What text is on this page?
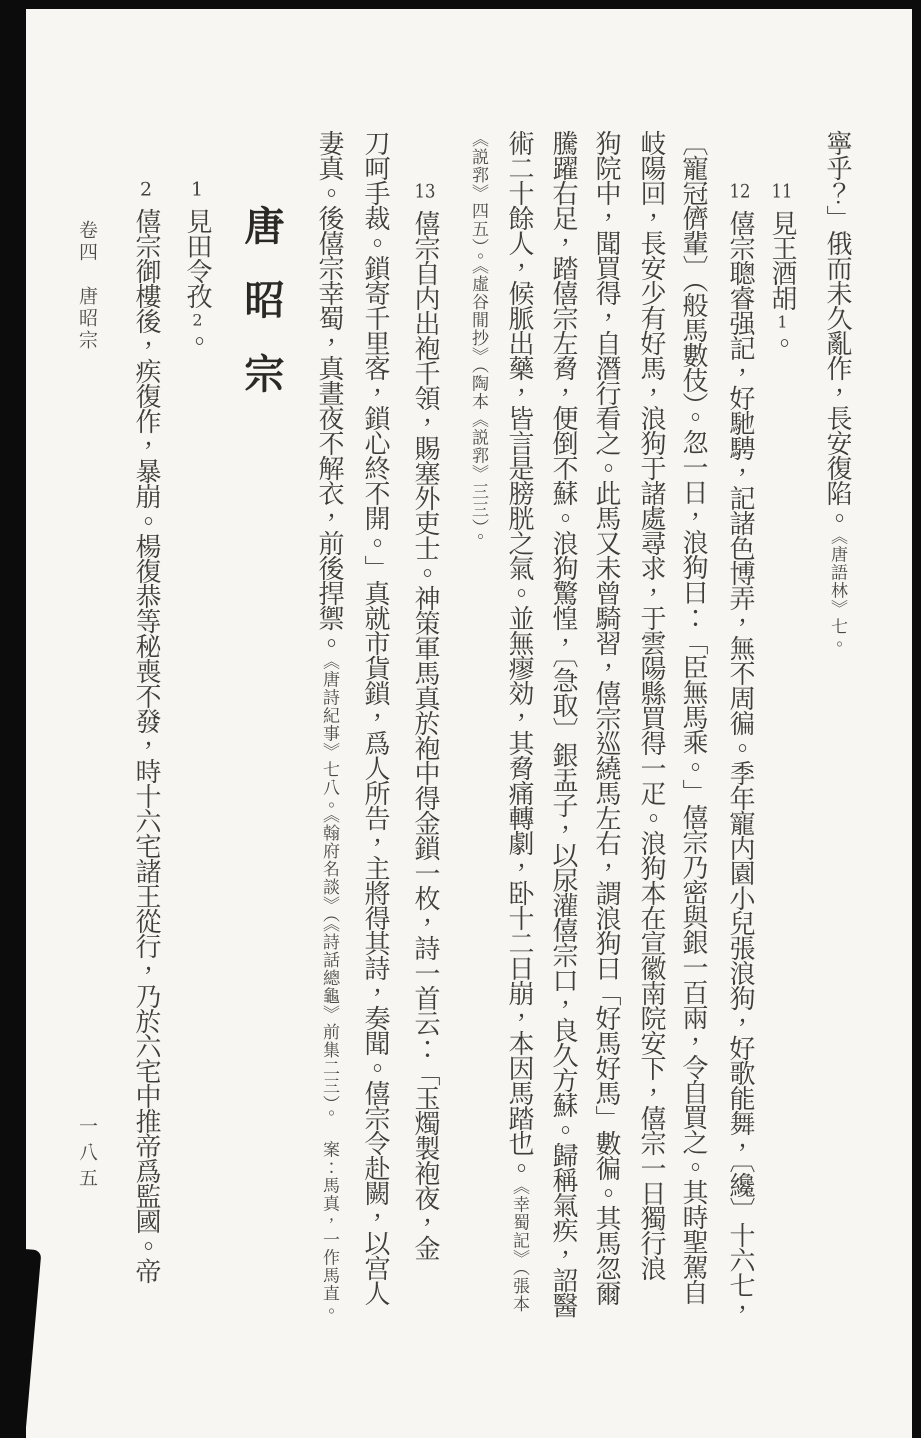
寧乎？」俄而未久亂作，長安復陷。《唐語林》七。
11見王酒胡1。
12僖宗聰睿强記，好馳騁，記諸色博弄，無不周徧。季年寵内園小兒張浪狗，好歌能舞，〔纔〕十六七，
〔寵冠儕輩〕（般馬數伎）。忽一日，浪狗曰：「臣無馬乘。」僖宗乃密與銀一百兩，令自買之。其時聖駕自
岐陽回，長安少有好馬，浪狗于諸處尋求，于雲陽縣買得一疋。浪狗本在宣徽南院安下，僖宗一日獨行浪
狗院中，聞買得，自潛行看之。此馬又未曾騎習，僖宗巡繞馬左右，謂浪狗曰「好馬好馬」數徧。其馬忽爾
騰躍右足，踏僖宗左脅，便倒不蘇。浪狗驚惶，〔急取〕銀盂子，以尿灌僖宗口，良久方蘇。歸稱氣疾，詔醫
術二十餘人，候脈出藥，皆言是膀胱之氣。並無瘳効，其脅痛轉劇，卧十二日崩，本因馬踏也。《幸蜀記》（張本
《説郛》四五）。《虛谷閒抄》（陶本《説郛》三三）。
13僖宗自内出袍千領，賜塞外吏士。神策軍馬真於袍中得金鎖一枚，詩一首云：「玉燭製袍夜，金
刀呵手裁。鎖寄千里客，鎖心終不開。」真就市貨鎖，爲人所告，主將得其詩，奏聞。僖宗令赴闕，以宫人
妻真。後僖宗幸蜀，真晝夜不解衣，前後捍禦。《唐詩紀事》七八。《翰府名談》（《詩話總龜》前集二三）。　案：馬真，一作馬直。
唐昭宗
1見田令孜2。
2僖宗御樓後，疾復作，暴崩。楊復恭等秘喪不發，時十六宅諸王從行，乃於六宅中推帝爲監國。帝
卷四　唐昭宗
一八五
